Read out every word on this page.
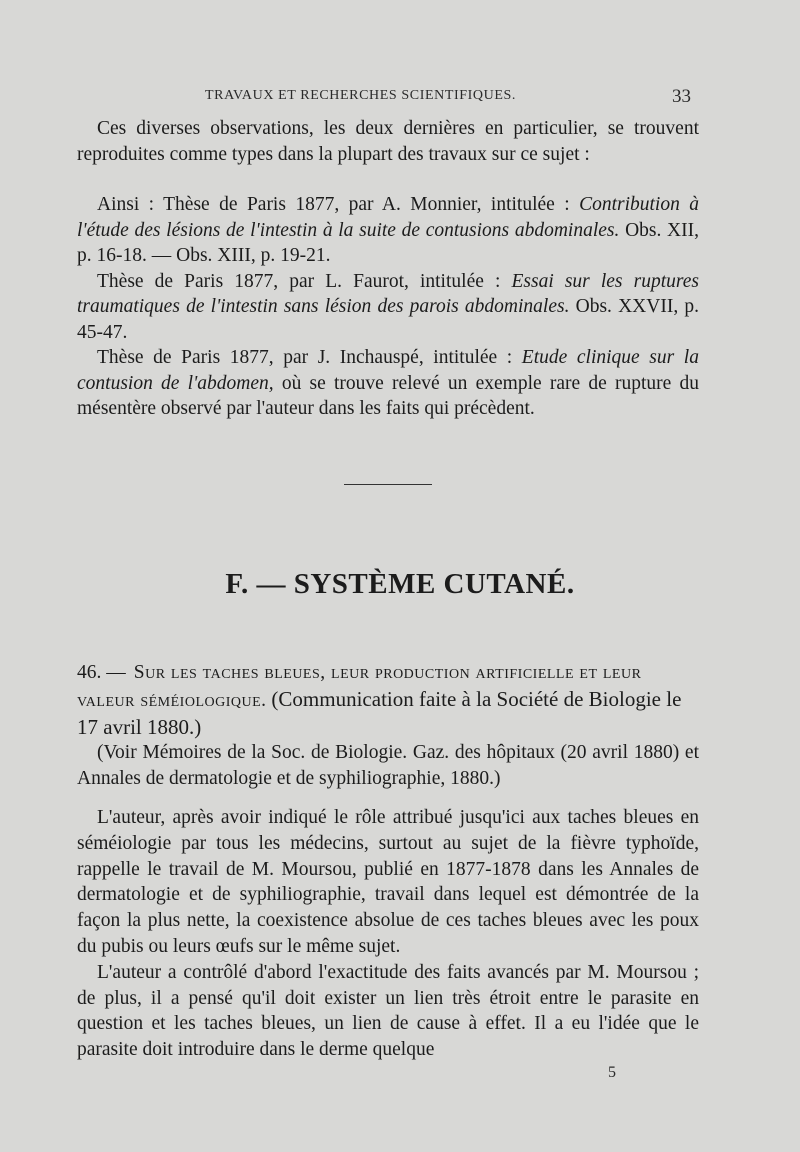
TRAVAUX ET RECHERCHES SCIENTIFIQUES.	33

Ces diverses observations, les deux dernières en particulier, se trouvent reproduites comme types dans la plupart des travaux sur ce sujet :

Ainsi : Thèse de Paris 1877, par A. Monnier, intitulée : Contribution à l'étude des lésions de l'intestin à la suite de contusions abdominales. Obs. XII, p. 16-18. — Obs. XIII, p. 19-21.

Thèse de Paris 1877, par L. Faurot, intitulée : Essai sur les ruptures traumatiques de l'intestin sans lésion des parois abdominales. Obs. XXVII, p. 45-47.

Thèse de Paris 1877, par J. Inchauspé, intitulée : Etude clinique sur la contusion de l'abdomen, où se trouve relevé un exemple rare de rupture du mésentère observé par l'auteur dans les faits qui précèdent.

F. — SYSTÈME CUTANÉ.
46. — Sur les taches bleues, leur production artificielle et leur valeur séméiologique. (Communication faite à la Société de Biologie le 17 avril 1880.)

(Voir Mémoires de la Soc. de Biologie. Gaz. des hôpitaux (20 avril 1880) et Annales de dermatologie et de syphiliographie, 1880.)

L'auteur, après avoir indiqué le rôle attribué jusqu'ici aux taches bleues en séméiologie par tous les médecins, surtout au sujet de la fièvre typhoïde, rappelle le travail de M. Moursou, publié en 1877-1878 dans les Annales de dermatologie et de syphiliographie, travail dans lequel est démontrée de la façon la plus nette, la coexistence absolue de ces taches bleues avec les poux du pubis ou leurs œufs sur le même sujet.

L'auteur a contrôlé d'abord l'exactitude des faits avancés par M. Moursou ; de plus, il a pensé qu'il doit exister un lien très étroit entre le parasite en question et les taches bleues, un lien de cause à effet. Il a eu l'idée que le parasite doit introduire dans le derme quelque

5
